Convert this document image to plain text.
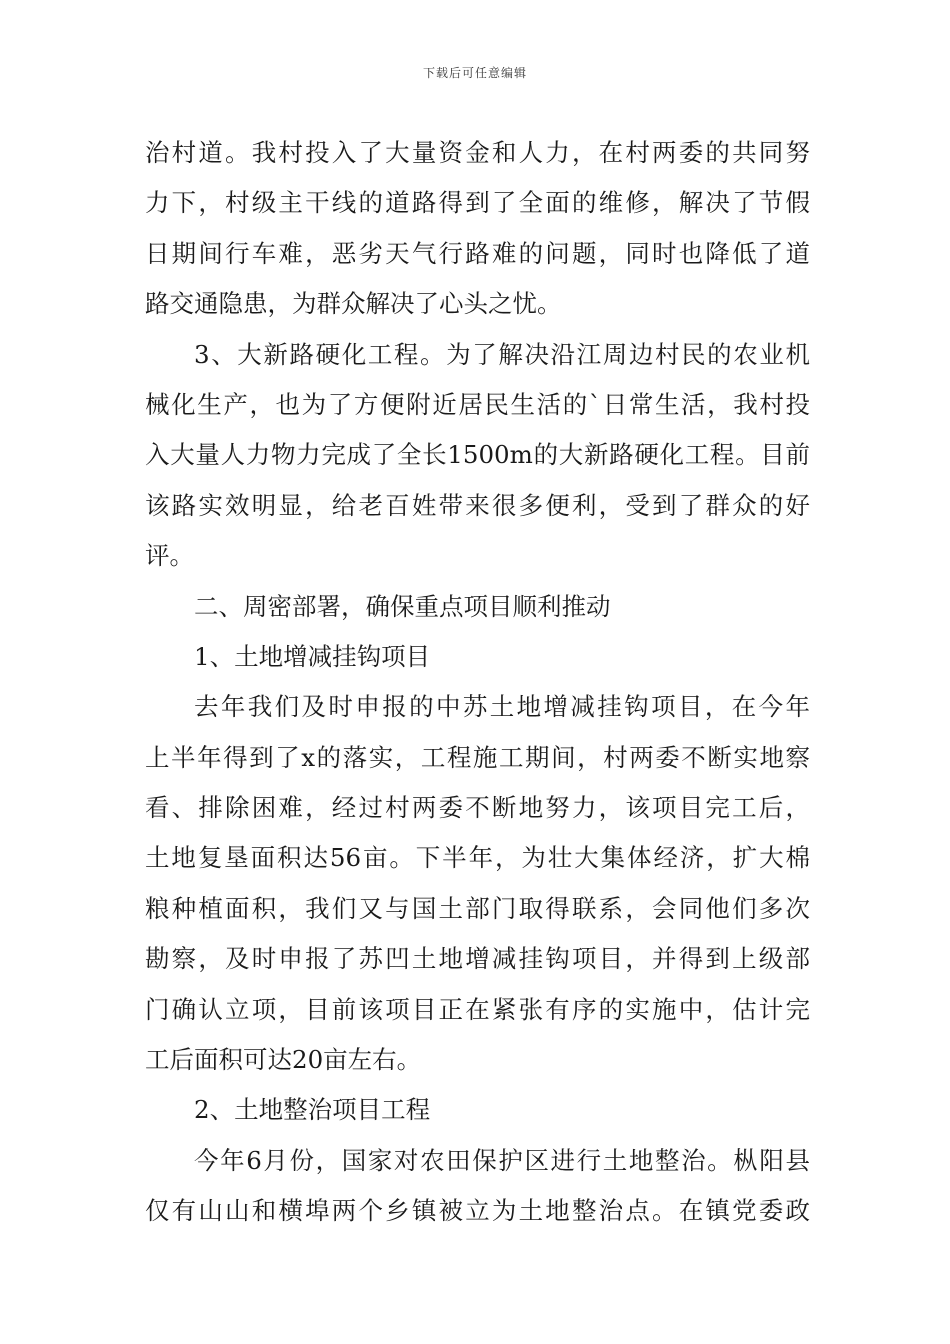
下载后可任意编辑
治村道。我村投入了大量资金和人力，在村两委的共同努
力下，村级主干线的道路得到了全面的维修，解决了节假
日期间行车难，恶劣天气行路难的问题，同时也降低了道
路交通隐患，为群众解决了心头之忧。
3、大新路硬化工程。为了解决沿江周边村民的农业机
械化生产，也为了方便附近居民生活的`日常生活，我村投
入大量人力物力完成了全长1500m的大新路硬化工程。目前
该路实效明显，给老百姓带来很多便利，受到了群众的好
评。
二、周密部署，确保重点项目顺利推动
1、土地增减挂钩项目
去年我们及时申报的中苏土地增减挂钩项目，在今年
上半年得到了x的落实，工程施工期间，村两委不断实地察
看、排除困难，经过村两委不断地努力，该项目完工后，
土地复垦面积达56亩。下半年，为壮大集体经济，扩大棉
粮种植面积，我们又与国土部门取得联系，会同他们多次
勘察，及时申报了苏凹土地增减挂钩项目，并得到上级部
门确认立项，目前该项目正在紧张有序的实施中，估计完
工后面积可达20亩左右。
2、土地整治项目工程
今年6月份，国家对农田保护区进行土地整治。枞阳县
仅有山山和横埠两个乡镇被立为土地整治点。在镇党委政
